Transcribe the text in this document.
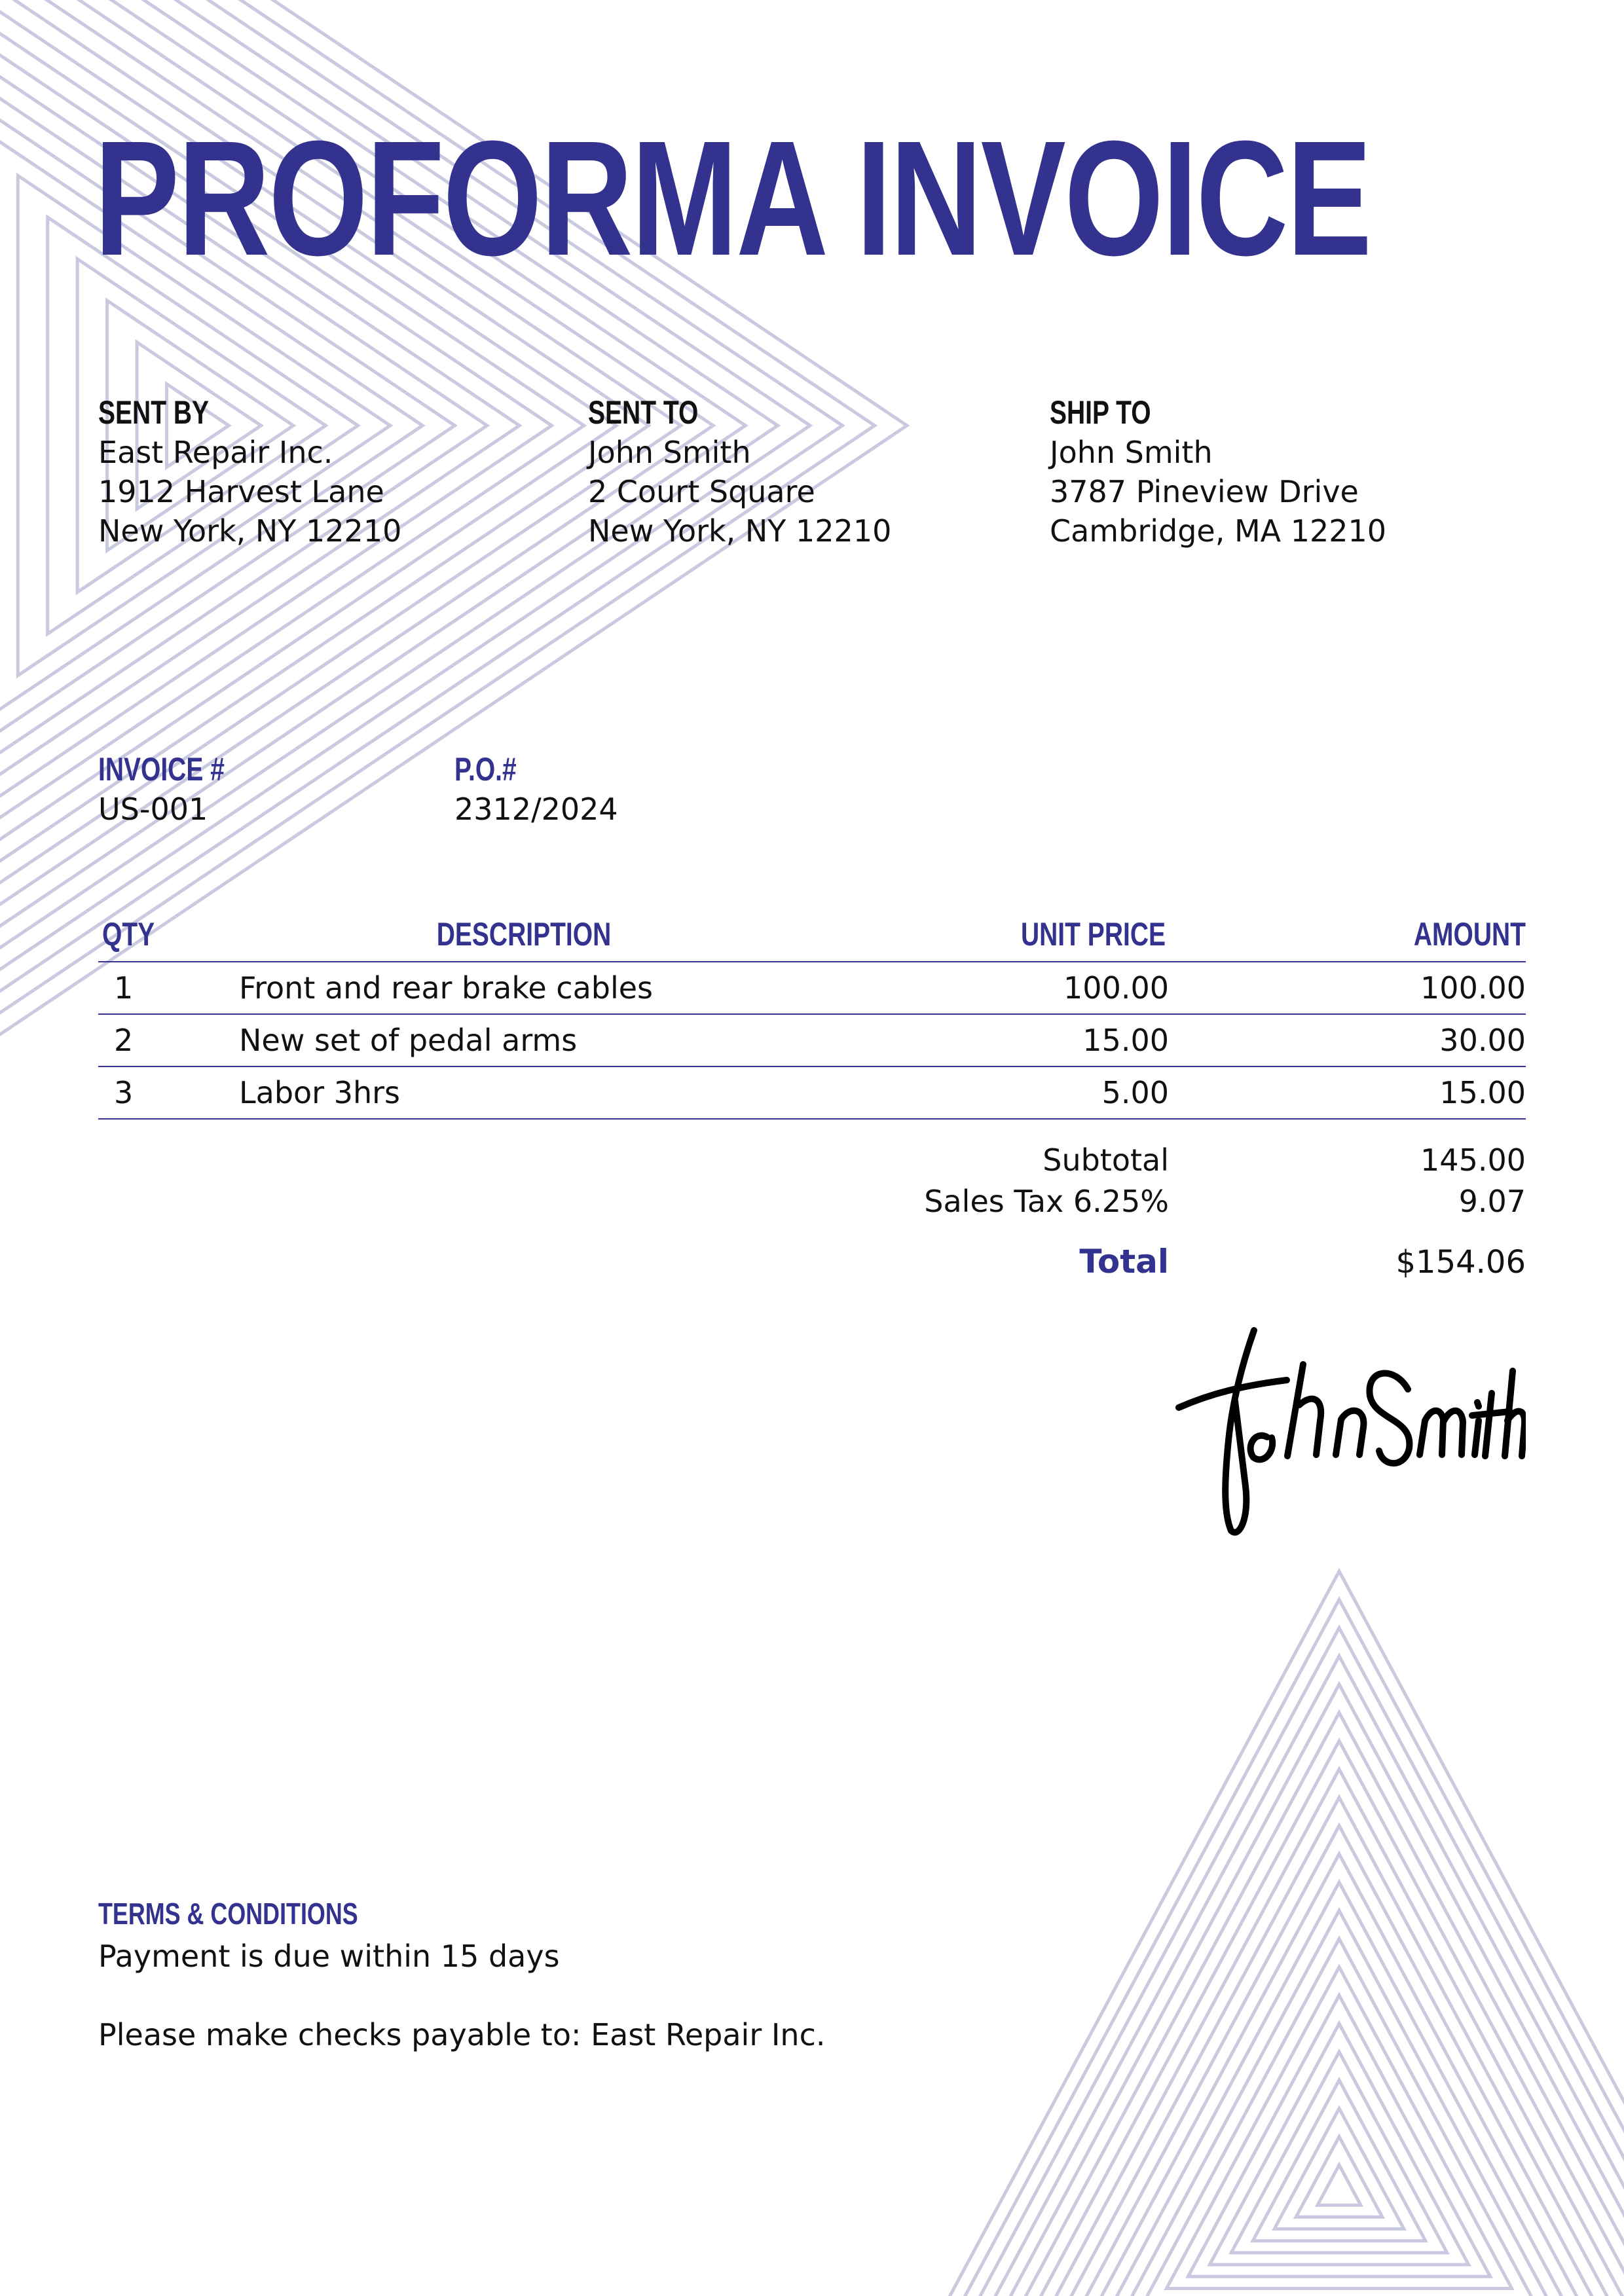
PROFORMA INVOICE
SENT BY
East Repair Inc.
1912 Harvest Lane
New York, NY 12210
SENT TO
John Smith
2 Court Square
New York, NY 12210
SHIP TO
John Smith
3787 Pineview Drive
Cambridge, MA 12210
INVOICE #
US-001
P.O.#
2312/2024
QTY	DESCRIPTION	UNIT PRICE	AMOUNT
1	Front and rear brake cables	100.00	100.00
2	New set of pedal arms	15.00	30.00
3	Labor 3hrs	5.00	15.00
Subtotal	145.00
Sales Tax 6.25%	9.07
Total	$154.06
TERMS & CONDITIONS
Payment is due within 15 days
Please make checks payable to: East Repair Inc.
